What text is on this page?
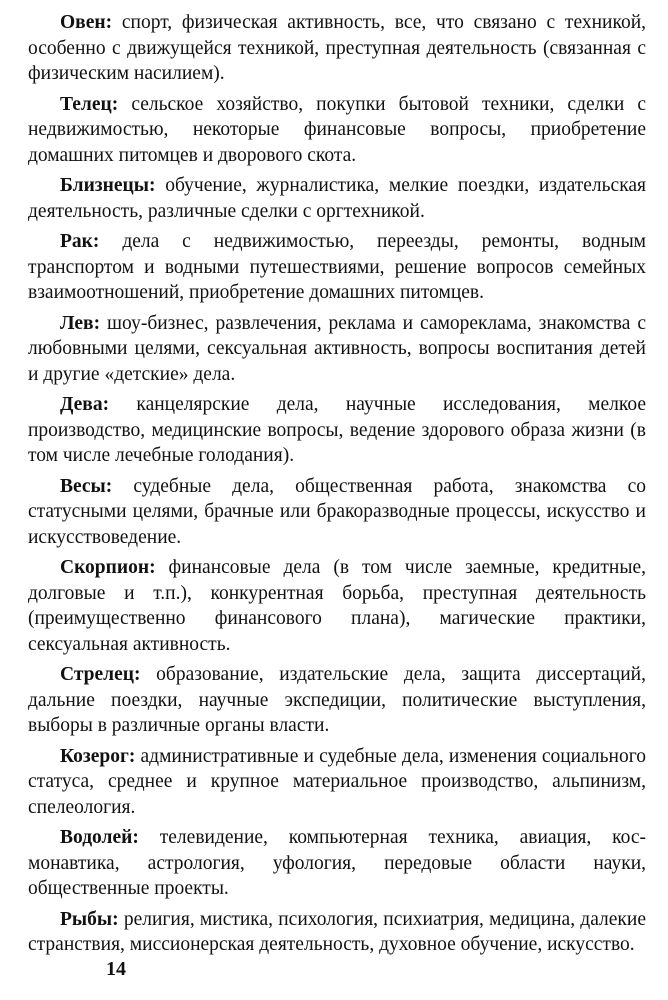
Овен: спорт, физическая активность, все, что связано с техникой, особенно с движущейся техникой, преступная деятельность (связанная с физическим насилием).

Телец: сельское хозяйство, покупки бытовой техники, сделки с недвижимостью, некоторые финансовые вопросы, приобретение домашних питомцев и дворового скота.

Близнецы: обучение, журналистика, мелкие поездки, издательская деятельность, различные сделки с оргтехникой.

Рак: дела с недвижимостью, переезды, ремонты, водным транспортом и водными путешествиями, решение вопросов семейных взаимоотношений, приобретение домашних питомцев.

Лев: шоу-бизнес, развлечения, реклама и самореклама, знакомства с любовными целями, сексуальная активность, вопросы воспитания детей и другие «детские» дела.

Дева: канцелярские дела, научные исследования, мелкое производство, медицинские вопросы, ведение здорового образа жизни (в том числе лечебные голодания).

Весы: судебные дела, общественная работа, знакомства со статусными целями, брачные или бракоразводные процессы, искусство и искусствоведение.

Скорпион: финансовые дела (в том числе заемные, кредитные, долговые и т.п.), конкурентная борьба, преступная деятельность (преимущественно финансового плана), магические практики, сексуальная активность.

Стрелец: образование, издательские дела, защита диссертаций, дальние поездки, научные экспедиции, политические выступления, выборы в различные органы власти.

Козерог: административные и судебные дела, изменения социального статуса, среднее и крупное материальное производство, альпинизм, спелеология.

Водолей: телевидение, компьютерная техника, авиация, космонавтика, астрология, уфология, передовые области науки, общественные проекты.

Рыбы: религия, мистика, психология, психиатрия, медицина, далекие странствия, миссионерская деятельность, духовное обучение, искусство.

14
